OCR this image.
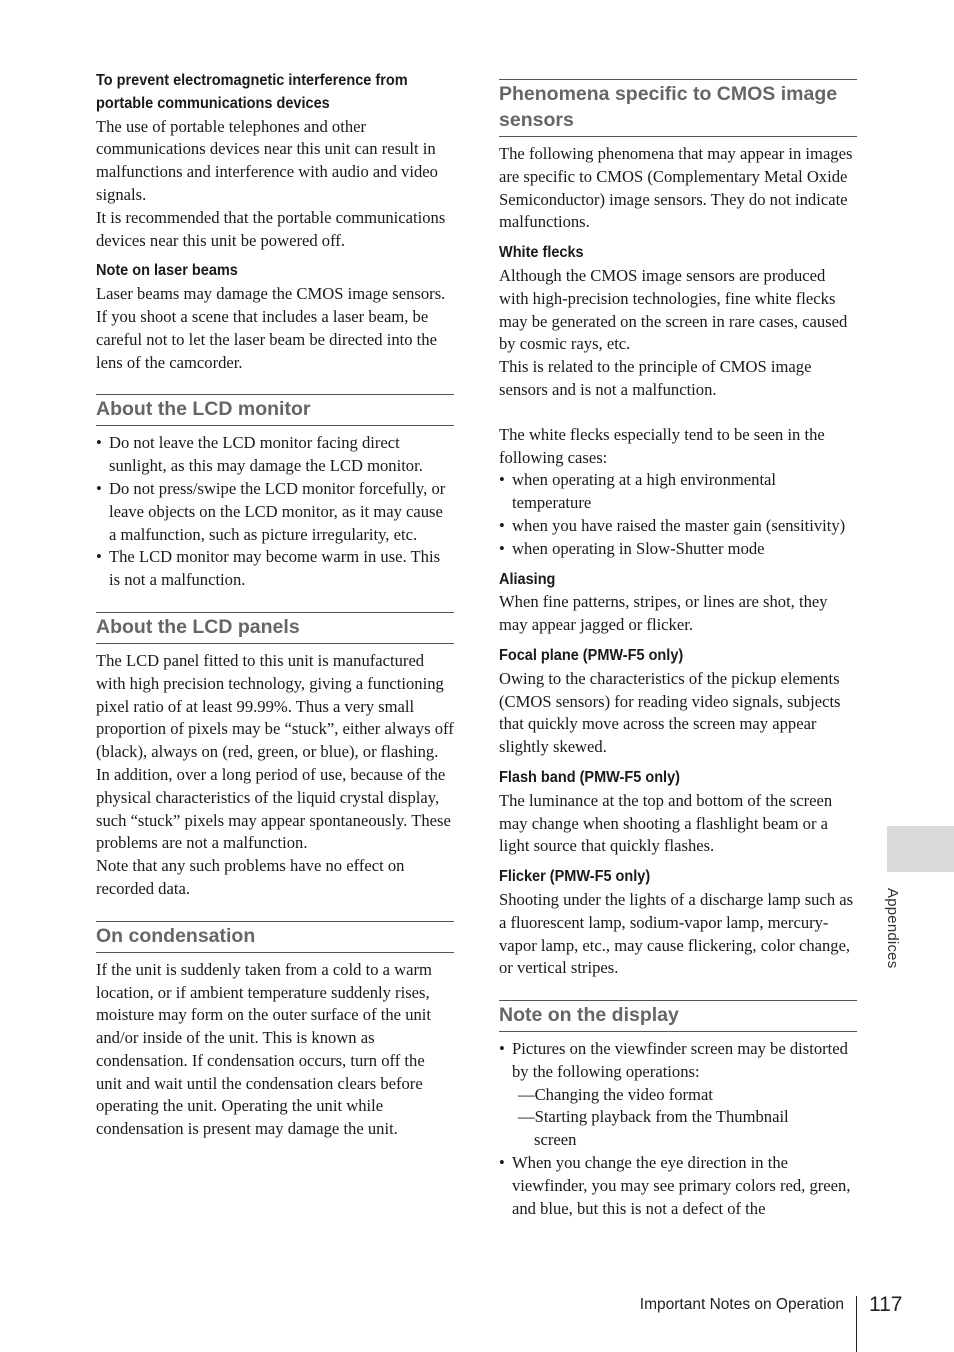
To prevent electromagnetic interference from
portable communications devices

The use of portable telephones and other communications devices near this unit can result in malfunctions and interference with audio and video signals.

It is recommended that the portable communications devices near this unit be powered off.

Note on laser beams

Laser beams may damage the CMOS image sensors. If you shoot a scene that includes a laser beam, be careful not to let the laser beam be directed into the lens of the camcorder.

About the LCD monitor
• Do not leave the LCD monitor facing direct sunlight, as this may damage the LCD monitor.
• Do not press/swipe the LCD monitor forcefully, or leave objects on the LCD monitor, as it may cause a malfunction, such as picture irregularity, etc.
• The LCD monitor may become warm in use. This is not a malfunction.
About the LCD panels

The LCD panel fitted to this unit is manufactured with high precision technology, giving a functioning pixel ratio of at least 99.99%. Thus a very small proportion of pixels may be “stuck”, either always off (black), always on (red, green, or blue), or flashing. In addition, over a long period of use, because of the physical characteristics of the liquid crystal display, such “stuck” pixels may appear spontaneously. These problems are not a malfunction.

Note that any such problems have no effect on recorded data.

On condensation

If the unit is suddenly taken from a cold to a warm location, or if ambient temperature suddenly rises, moisture may form on the outer surface of the unit and/or inside of the unit. This is known as condensation. If condensation occurs, turn off the unit and wait until the condensation clears before operating the unit. Operating the unit while condensation is present may damage the unit.

Phenomena specific to CMOS image sensors

The following phenomena that may appear in images are specific to CMOS (Complementary Metal Oxide Semiconductor) image sensors. They do not indicate malfunctions.

White flecks

Although the CMOS image sensors are produced with high-precision technologies, fine white flecks may be generated on the screen in rare cases, caused by cosmic rays, etc.

This is related to the principle of CMOS image sensors and is not a malfunction.

The white flecks especially tend to be seen in the following cases:

• when operating at a high environmental temperature
• when you have raised the master gain (sensitivity)
• when operating in Slow-Shutter mode
Aliasing

When fine patterns, stripes, or lines are shot, they may appear jagged or flicker.

Focal plane (PMW-F5 only)

Owing to the characteristics of the pickup elements (CMOS sensors) for reading video signals, subjects that quickly move across the screen may appear slightly skewed.

Flash band (PMW-F5 only)

The luminance at the top and bottom of the screen may change when shooting a flashlight beam or a light source that quickly flashes.

Flicker (PMW-F5 only)

Shooting under the lights of a discharge lamp such as a fluorescent lamp, sodium-vapor lamp, mercury-vapor lamp, etc., may cause flickering, color change, or vertical stripes.

Note on the display
• Pictures on the viewfinder screen may be distorted by the following operations:
—Changing the video format
—Starting playback from the Thumbnail
screen
• When you change the eye direction in the viewfinder, you may see primary colors red, green, and blue, but this is not a defect of the
Appendices
Important Notes on Operation 117
